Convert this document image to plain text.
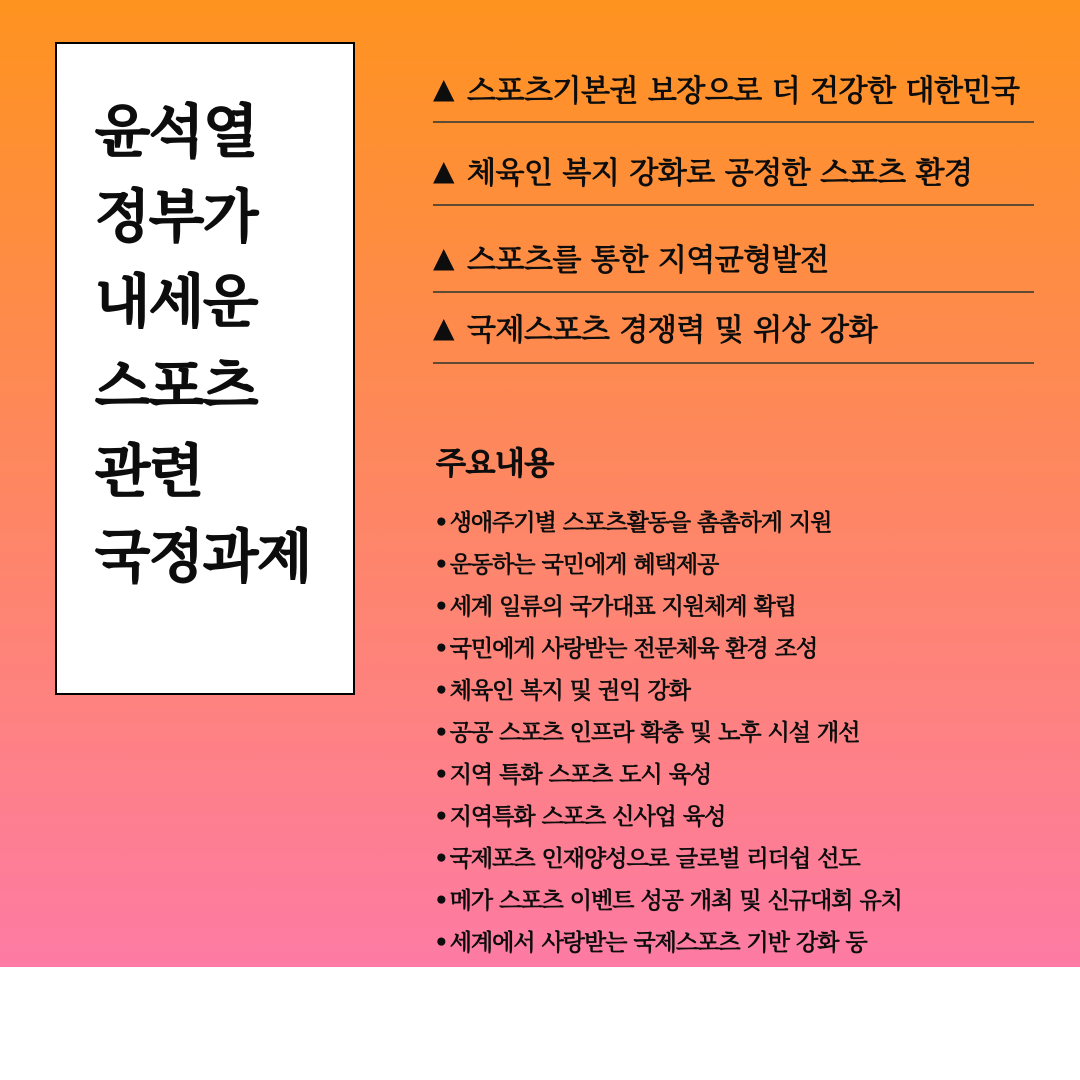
윤석열
정부가
내세운
스포츠
관련
국정과제
▲ 스포츠기본권 보장으로 더 건강한 대한민국
▲ 체육인 복지 강화로 공정한 스포츠 환경
▲ 스포츠를 통한 지역균형발전
▲ 국제스포츠 경쟁력 및 위상 강화
주요내용
•생애주기별 스포츠활동을 촘촘하게 지원
•운동하는 국민에게 혜택제공
•세계 일류의 국가대표 지원체계 확립
•국민에게 사랑받는 전문체육 환경 조성
•체육인 복지 및 권익 강화
•공공 스포츠 인프라 확충 및 노후 시설 개선
•지역 특화 스포츠 도시 육성
•지역특화 스포츠 신사업 육성
•국제포츠 인재양성으로 글로벌 리더쉽 선도
•메가 스포츠 이벤트 성공 개최 및 신규대회 유치
•세계에서 사랑받는 국제스포츠 기반 강화 둥
